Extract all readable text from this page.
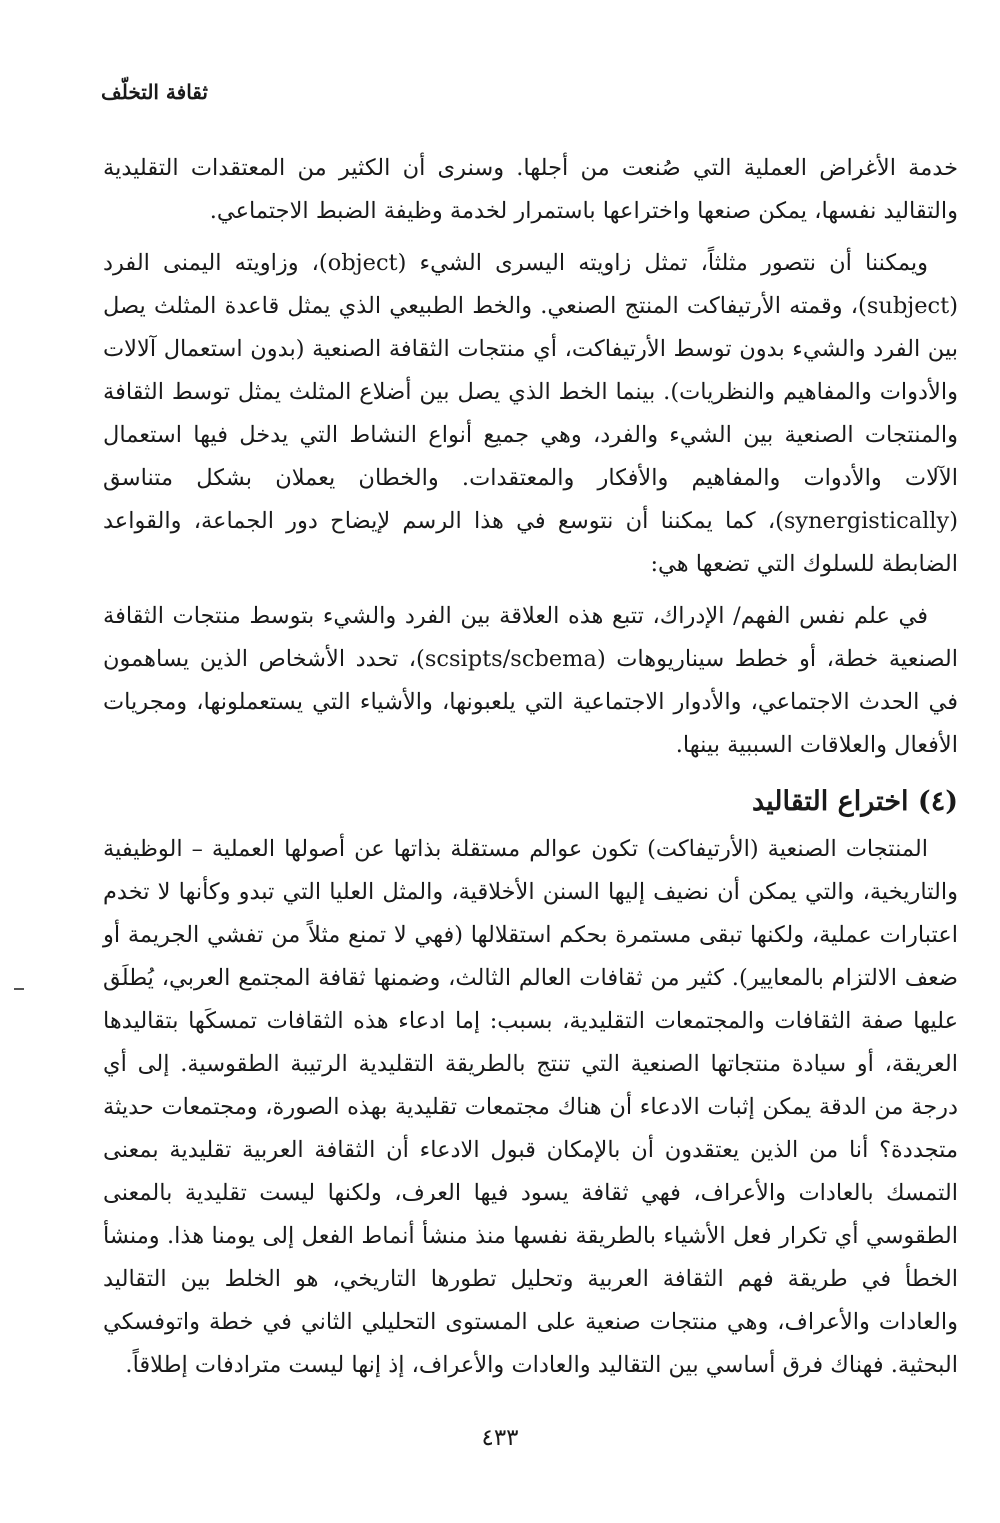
ثقافة التخلّف

خدمة الأغراض العملية التي صُنعت من أجلها. وسنرى أن الكثير من المعتقدات التقليدية والتقاليد نفسها، يمكن صنعها واختراعها باستمرار لخدمة وظيفة الضبط الاجتماعي.

ويمكننا أن نتصور مثلثاً، تمثل زاويته اليسرى الشيء (object)، وزاويته اليمنى الفرد (subject)، وقمته الأرتيفاكت المنتج الصنعي. والخط الطبيعي الذي يمثل قاعدة المثلث يصل بين الفرد والشيء بدون توسط الأرتيفاكت، أي منتجات الثقافة الصنعية (بدون استعمال آلالات والأدوات والمفاهيم والنظريات). بينما الخط الذي يصل بين أضلاع المثلث يمثل توسط الثقافة والمنتجات الصنعية بين الشيء والفرد، وهي جميع أنواع النشاط التي يدخل فيها استعمال الآلات والأدوات والمفاهيم والأفكار والمعتقدات. والخطان يعملان بشكل متناسق (synergistically)، كما يمكننا أن نتوسع في هذا الرسم لإيضاح دور الجماعة، والقواعد الضابطة للسلوك التي تضعها هي:

في علم نفس الفهم/ الإدراك، تتبع هذه العلاقة بين الفرد والشيء بتوسط منتجات الثقافة الصنعية خطة، أو خطط سيناريوهات (scsipts/scbema)، تحدد الأشخاص الذين يساهمون في الحدث الاجتماعي، والأدوار الاجتماعية التي يلعبونها، والأشياء التي يستعملونها، ومجريات الأفعال والعلاقات السببية بينها.

(٤) اختراع التقاليد

المنتجات الصنعية (الأرتيفاكت) تكون عوالم مستقلة بذاتها عن أصولها العملية – الوظيفية والتاريخية، والتي يمكن أن نضيف إليها السنن الأخلاقية، والمثل العليا التي تبدو وكأنها لا تخدم اعتبارات عملية، ولكنها تبقى مستمرة بحكم استقلالها (فهي لا تمنع مثلاً من تفشي الجريمة أو ضعف الالتزام بالمعايير). كثير من ثقافات العالم الثالث، وضمنها ثقافة المجتمع العربي، يُطلَق عليها صفة الثقافات والمجتمعات التقليدية، بسبب: إما ادعاء هذه الثقافات تمسكَها بتقاليدها العريقة، أو سيادة منتجاتها الصنعية التي تنتج بالطريقة التقليدية الرتيبة الطقوسية. إلى أي درجة من الدقة يمكن إثبات الادعاء أن هناك مجتمعات تقليدية بهذه الصورة، ومجتمعات حديثة متجددة؟ أنا من الذين يعتقدون أن بالإمكان قبول الادعاء أن الثقافة العربية تقليدية بمعنى التمسك بالعادات والأعراف، فهي ثقافة يسود فيها العرف، ولكنها ليست تقليدية بالمعنى الطقوسي أي تكرار فعل الأشياء بالطريقة نفسها منذ منشأ أنماط الفعل إلى يومنا هذا. ومنشأ الخطأ في طريقة فهم الثقافة العربية وتحليل تطورها التاريخي، هو الخلط بين التقاليد والعادات والأعراف، وهي منتجات صنعية على المستوى التحليلي الثاني في خطة واتوفسكي البحثية. فهناك فرق أساسي بين التقاليد والعادات والأعراف، إذ إنها ليست مترادفات إطلاقاً.

٤٣٣
